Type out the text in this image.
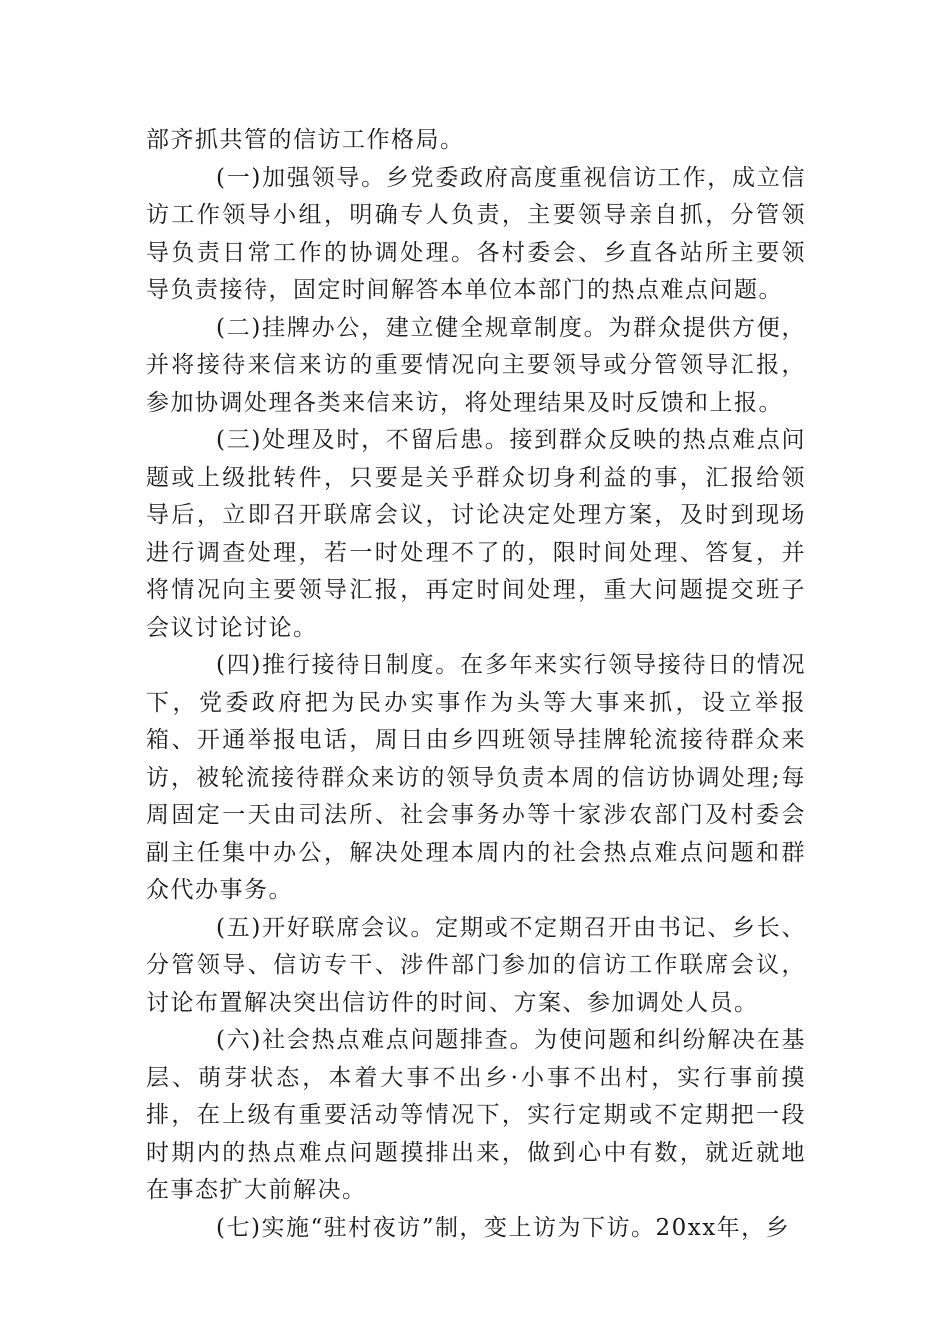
部齐抓共管的信访工作格局。

(一)加强领导。乡党委政府高度重视信访工作，成立信访工作领导小组，明确专人负责，主要领导亲自抓，分管领导负责日常工作的协调处理。各村委会、乡直各站所主要领导负责接待，固定时间解答本单位本部门的热点难点问题。

(二)挂牌办公，建立健全规章制度。为群众提供方便，并将接待来信来访的重要情况向主要领导或分管领导汇报，参加协调处理各类来信来访，将处理结果及时反馈和上报。

(三)处理及时，不留后患。接到群众反映的热点难点问题或上级批转件，只要是关乎群众切身利益的事，汇报给领导后，立即召开联席会议，讨论决定处理方案，及时到现场进行调查处理，若一时处理不了的，限时间处理、答复，并将情况向主要领导汇报，再定时间处理，重大问题提交班子会议讨论讨论。

(四)推行接待日制度。在多年来实行领导接待日的情况下，党委政府把为民办实事作为头等大事来抓，设立举报箱、开通举报电话，周日由乡四班领导挂牌轮流接待群众来访，被轮流接待群众来访的领导负责本周的信访协调处理;每周固定一天由司法所、社会事务办等十家涉农部门及村委会副主任集中办公，解决处理本周内的社会热点难点问题和群众代办事务。

(五)开好联席会议。定期或不定期召开由书记、乡长、分管领导、信访专干、涉件部门参加的信访工作联席会议，讨论布置解决突出信访件的时间、方案、参加调处人员。

(六)社会热点难点问题排查。为使问题和纠纷解决在基层、萌芽状态，本着大事不出乡·小事不出村，实行事前摸排，在上级有重要活动等情况下，实行定期或不定期把一段时期内的热点难点问题摸排出来，做到心中有数，就近就地在事态扩大前解决。

(七)实施“驻村夜访”制，变上访为下访。20xx年，乡
